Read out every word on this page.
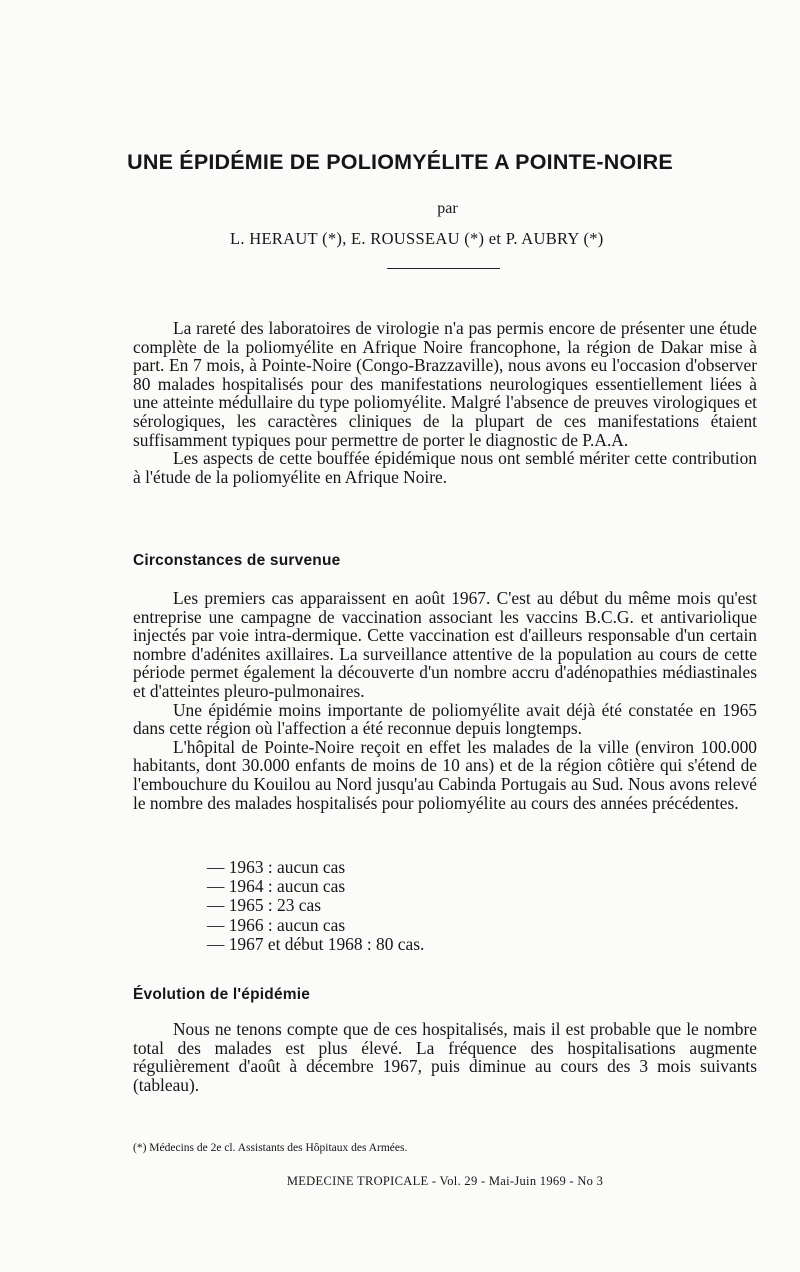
UNE ÉPIDÉMIE DE POLIOMYÉLITE A POINTE-NOIRE
par
L. HERAUT (*), E. ROUSSEAU (*) et P. AUBRY (*)

La rareté des laboratoires de virologie n'a pas permis encore de présenter une étude complète de la poliomyélite en Afrique Noire francophone, la région de Dakar mise à part. En 7 mois, à Pointe-Noire (Congo-Brazzaville), nous avons eu l'occasion d'observer 80 malades hospitalisés pour des manifestations neurologiques essentiellement liées à une atteinte médullaire du type poliomyélite. Malgré l'absence de preuves virologiques et sérologiques, les caractères cliniques de la plupart de ces manifestations étaient suffisamment typiques pour permettre de porter le diagnostic de P.A.A.

Les aspects de cette bouffée épidémique nous ont semblé mériter cette contribution à l'étude de la poliomyélite en Afrique Noire.

Circonstances de survenue

Les premiers cas apparaissent en août 1967. C'est au début du même mois qu'est entreprise une campagne de vaccination associant les vaccins B.C.G. et antivariolique injectés par voie intra-dermique. Cette vaccination est d'ailleurs responsable d'un certain nombre d'adénites axillaires. La surveillance attentive de la population au cours de cette période permet également la découverte d'un nombre accru d'adénopathies médiastinales et d'atteintes pleuro-pulmonaires.

Une épidémie moins importante de poliomyélite avait déjà été constatée en 1965 dans cette région où l'affection a été reconnue depuis longtemps.

L'hôpital de Pointe-Noire reçoit en effet les malades de la ville (environ 100.000 habitants, dont 30.000 enfants de moins de 10 ans) et de la région côtière qui s'étend de l'embouchure du Kouilou au Nord jusqu'au Cabinda Portugais au Sud. Nous avons relevé le nombre des malades hospitalisés pour poliomyélite au cours des années précédentes.

— 1963 : aucun cas
— 1964 : aucun cas
— 1965 : 23 cas
— 1966 : aucun cas
— 1967 et début 1968 : 80 cas.
Évolution de l'épidémie

Nous ne tenons compte que de ces hospitalisés, mais il est probable que le nombre total des malades est plus élevé. La fréquence des hospitalisations augmente régulièrement d'août à décembre 1967, puis diminue au cours des 3 mois suivants (tableau).

(*) Médecins de 2e cl. Assistants des Hôpitaux des Armées.
MEDECINE TROPICALE - Vol. 29 - Mai-Juin 1969 - No 3
